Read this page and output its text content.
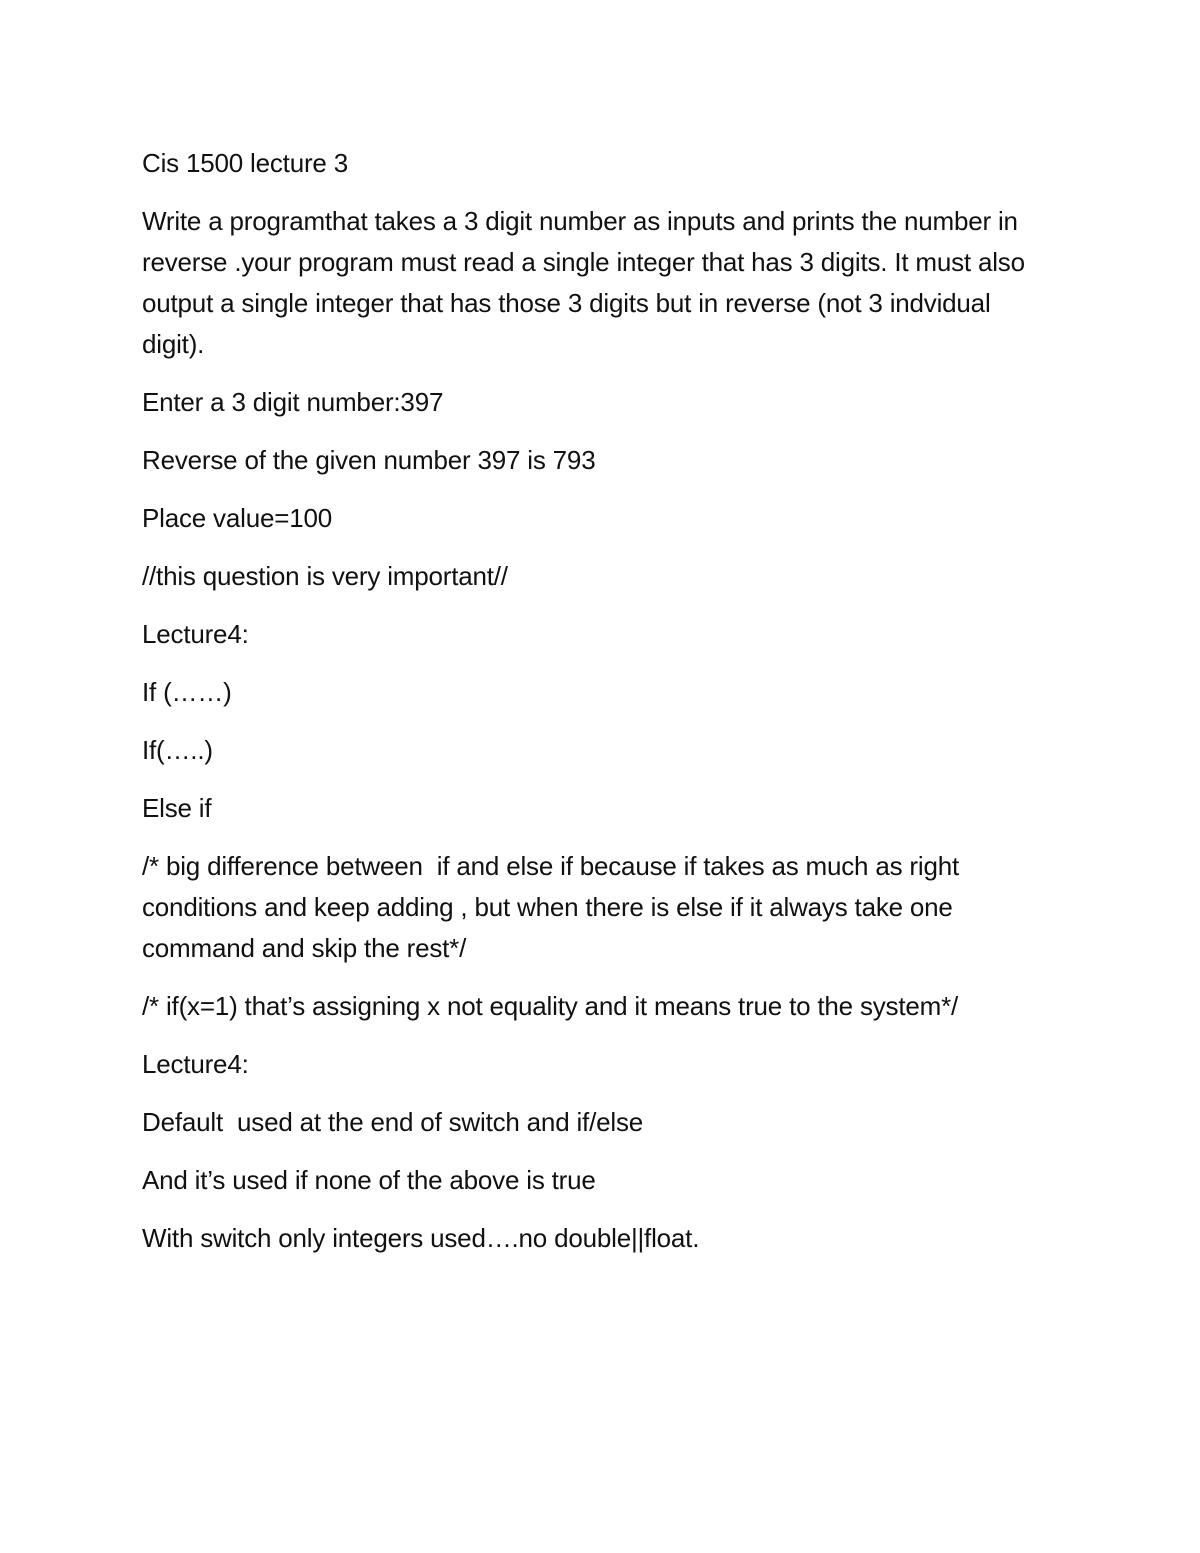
Cis 1500 lecture 3

Write a programthat takes a 3 digit number as inputs and prints the number in reverse .your program must read a single integer that has 3 digits. It must also output a single integer that has those 3 digits but in reverse (not 3 indvidual digit).

Enter a 3 digit number:397

Reverse of the given number 397 is 793

Place value=100

//this question is very important//

Lecture4:

If (……)

If(…..)

Else if

/* big difference between  if and else if because if takes as much as right conditions and keep adding , but when there is else if it always take one command and skip the rest*/

/* if(x=1) that’s assigning x not equality and it means true to the system*/

Lecture4:

Default  used at the end of switch and if/else

And it’s used if none of the above is true

With switch only integers used….no double||float.
